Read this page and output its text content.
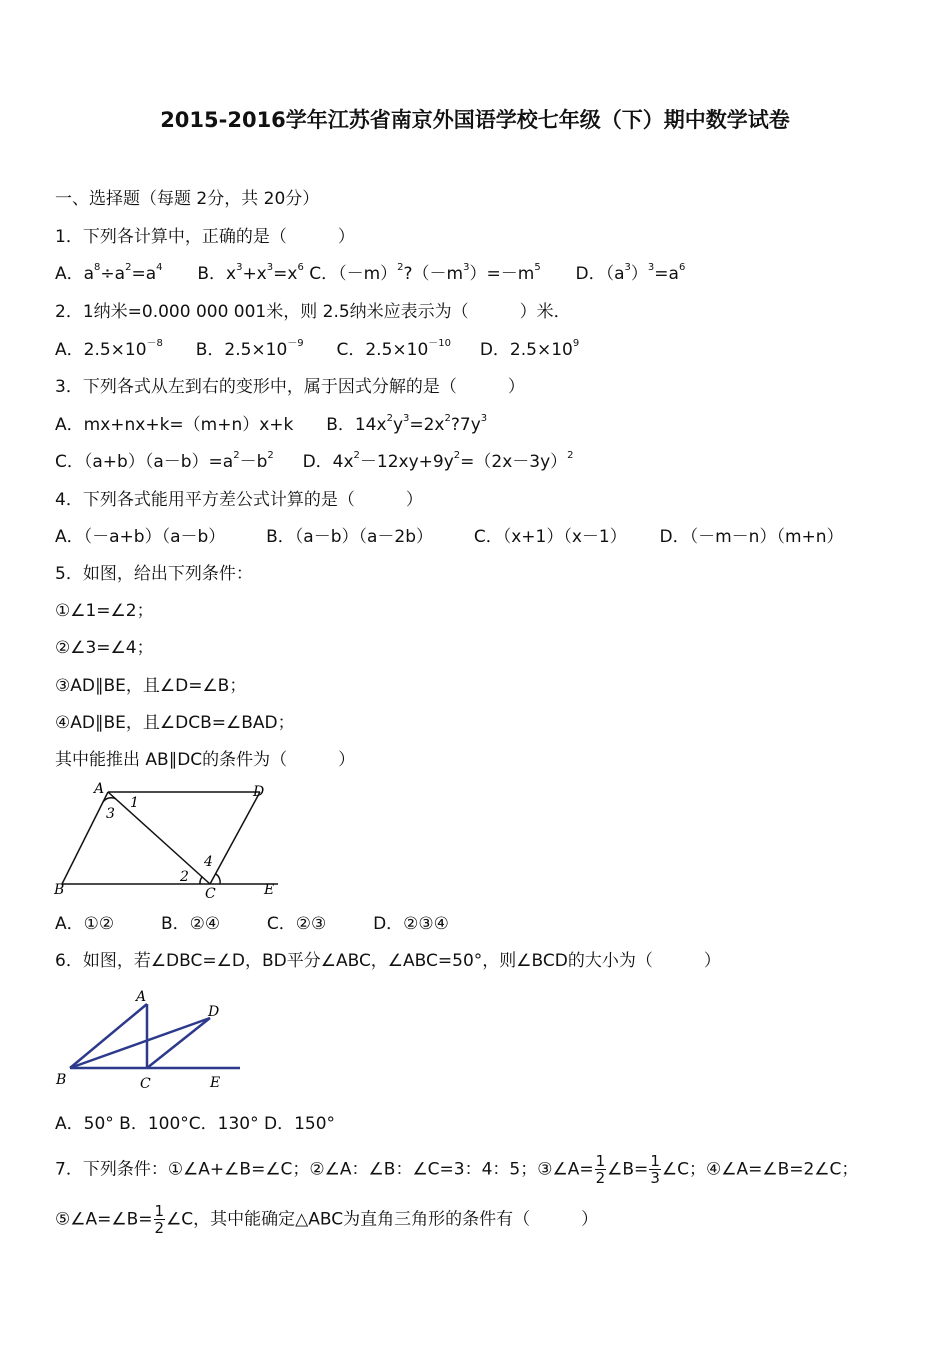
2015-2016学年江苏省南京外国语学校七年级（下）期中数学试卷
一、选择题（每题 2分，共 20分）
1．下列各计算中，正确的是（　　　）
A．$a^8\div a^2=a^4$ B．$x^3+x^3=x^6$ C．$(-m)^2?(-m^3)=-m^5$ D．$(a^3)^3=a^6$
2．1纳米=0.000 000 001米，则 2.5纳米应表示为（　　　）米．
A．$2.5\times 10^{-8}$ B．$2.5\times 10^{-9}$ C．$2.5\times 10^{-10}$ D．$2.5\times 10^9$
3．下列各式从左到右的变形中，属于因式分解的是（　　　）
A．mx+nx+k=（m+n）x+k B．$14x^2y^3=2x^2?7y^3$
C．$(a+b)(a-b)=a^2-b^2$ D．$4x^2-12xy+9y^2=(2x-3y)^2$
4．下列各式能用平方差公式计算的是（　　　）
A．（－a+b）（a－b） B．（a－b）（a－2b） C．（x+1）（x－1） D．（－m－n）（m+n）
5．如图，给出下列条件：
①∠1=∠2；
②∠3=∠4；
③AD∥BE，且∠D=∠B；
④AD∥BE，且∠DCB=∠BAD；
其中能推出 AB∥DC的条件为（　　　）
A	D
B	C	E
1
2
3
4
A．①②	B．②④	C．②③	D．②③④
6．如图，若∠DBC=∠D，BD平分∠ABC，∠ABC=50°，则∠BCD的大小为（　　　）
A
D
B	C	E
A．50° B．100°C．130° D．150°
7．下列条件：①∠A+∠B=∠C；②∠A：∠B：∠C=3：4：5；③∠A= $\frac{1}{2}$ ∠B= $\frac{1}{3}$ ∠C；④∠A=∠B=2∠C；
⑤∠A=∠B= $\frac{1}{2}$ ∠C，其中能确定△ABC为直角三角形的条件有（　　　）
